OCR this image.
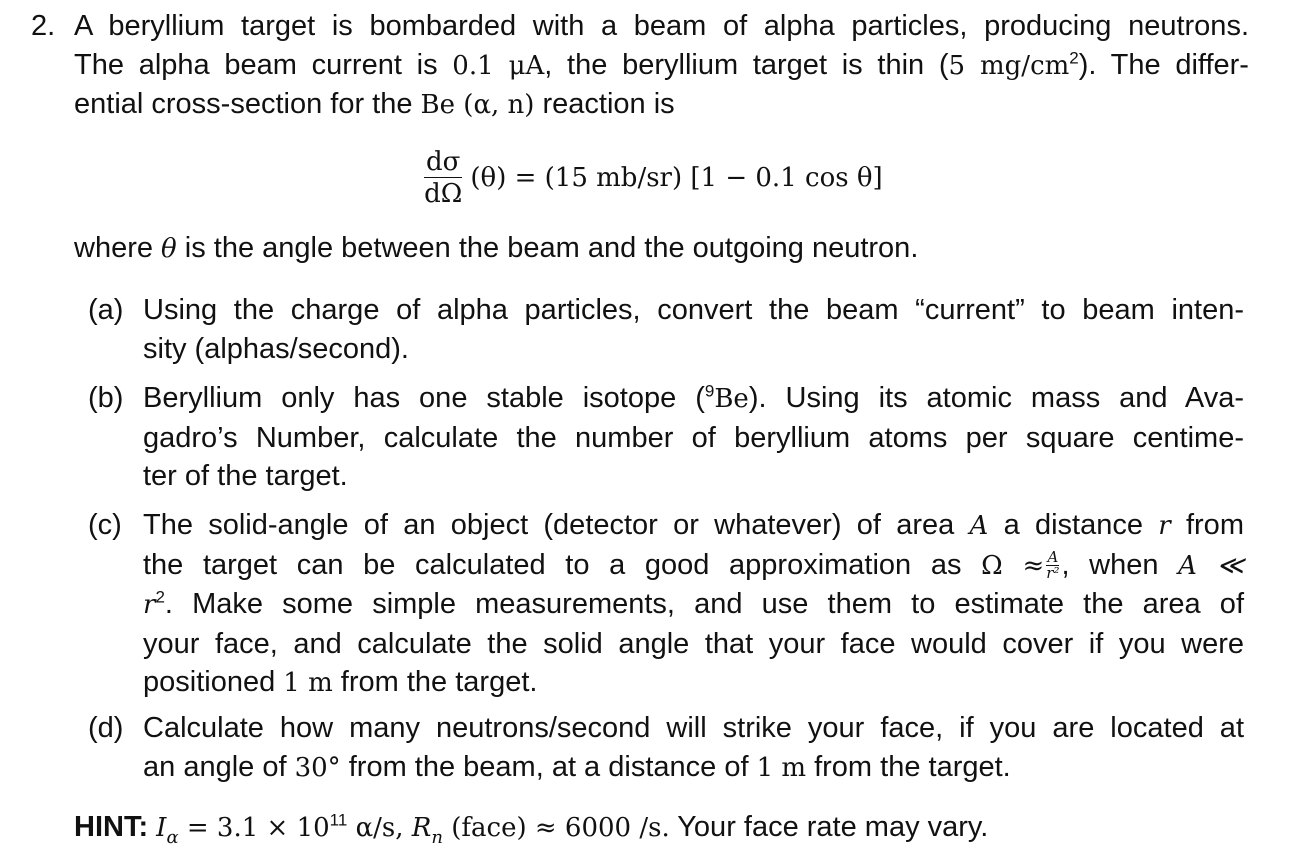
2. A beryllium target is bombarded with a beam of alpha particles, producing neutrons.
The alpha beam current is 0.1 μA, the beryllium target is thin (5 $mg/cm^2$). The differ-
ential cross-section for the Be (α, n) reaction is
$\frac{d\sigma}{d\Omega} (\theta) = (15$ mb/sr) [1 − 0.1 cos θ]
where θ is the angle between the beam and the outgoing neutron.
(a) Using the charge of alpha particles, convert the beam “current” to beam inten-
sity (alphas/second).
(b) Beryllium only has one stable isotope ($^9$Be). Using its atomic mass and Ava-
gadro’s Number, calculate the number of beryllium atoms per square centime-
ter of the target.
(c) The solid-angle of an object (detector or whatever) of area A a distance r from
the target can be calculated to a good approximation as $\Omega \approx \frac{A}{\text{r²}}$ , when A ≪
$r^2$. Make some simple measurements, and use them to estimate the area of
your face, and calculate the solid angle that your face would cover if you were
positioned 1 m from the target.
(d) Calculate how many neutrons/second will strike your face, if you are located at
an angle of 30° from the beam, at a distance of 1 m from the target.
HINT: $I_\alpha = 3.1 \times 10^{11}$ α/s, $R_n$ (face) ≈ 6000 /s. Your face rate may vary.
